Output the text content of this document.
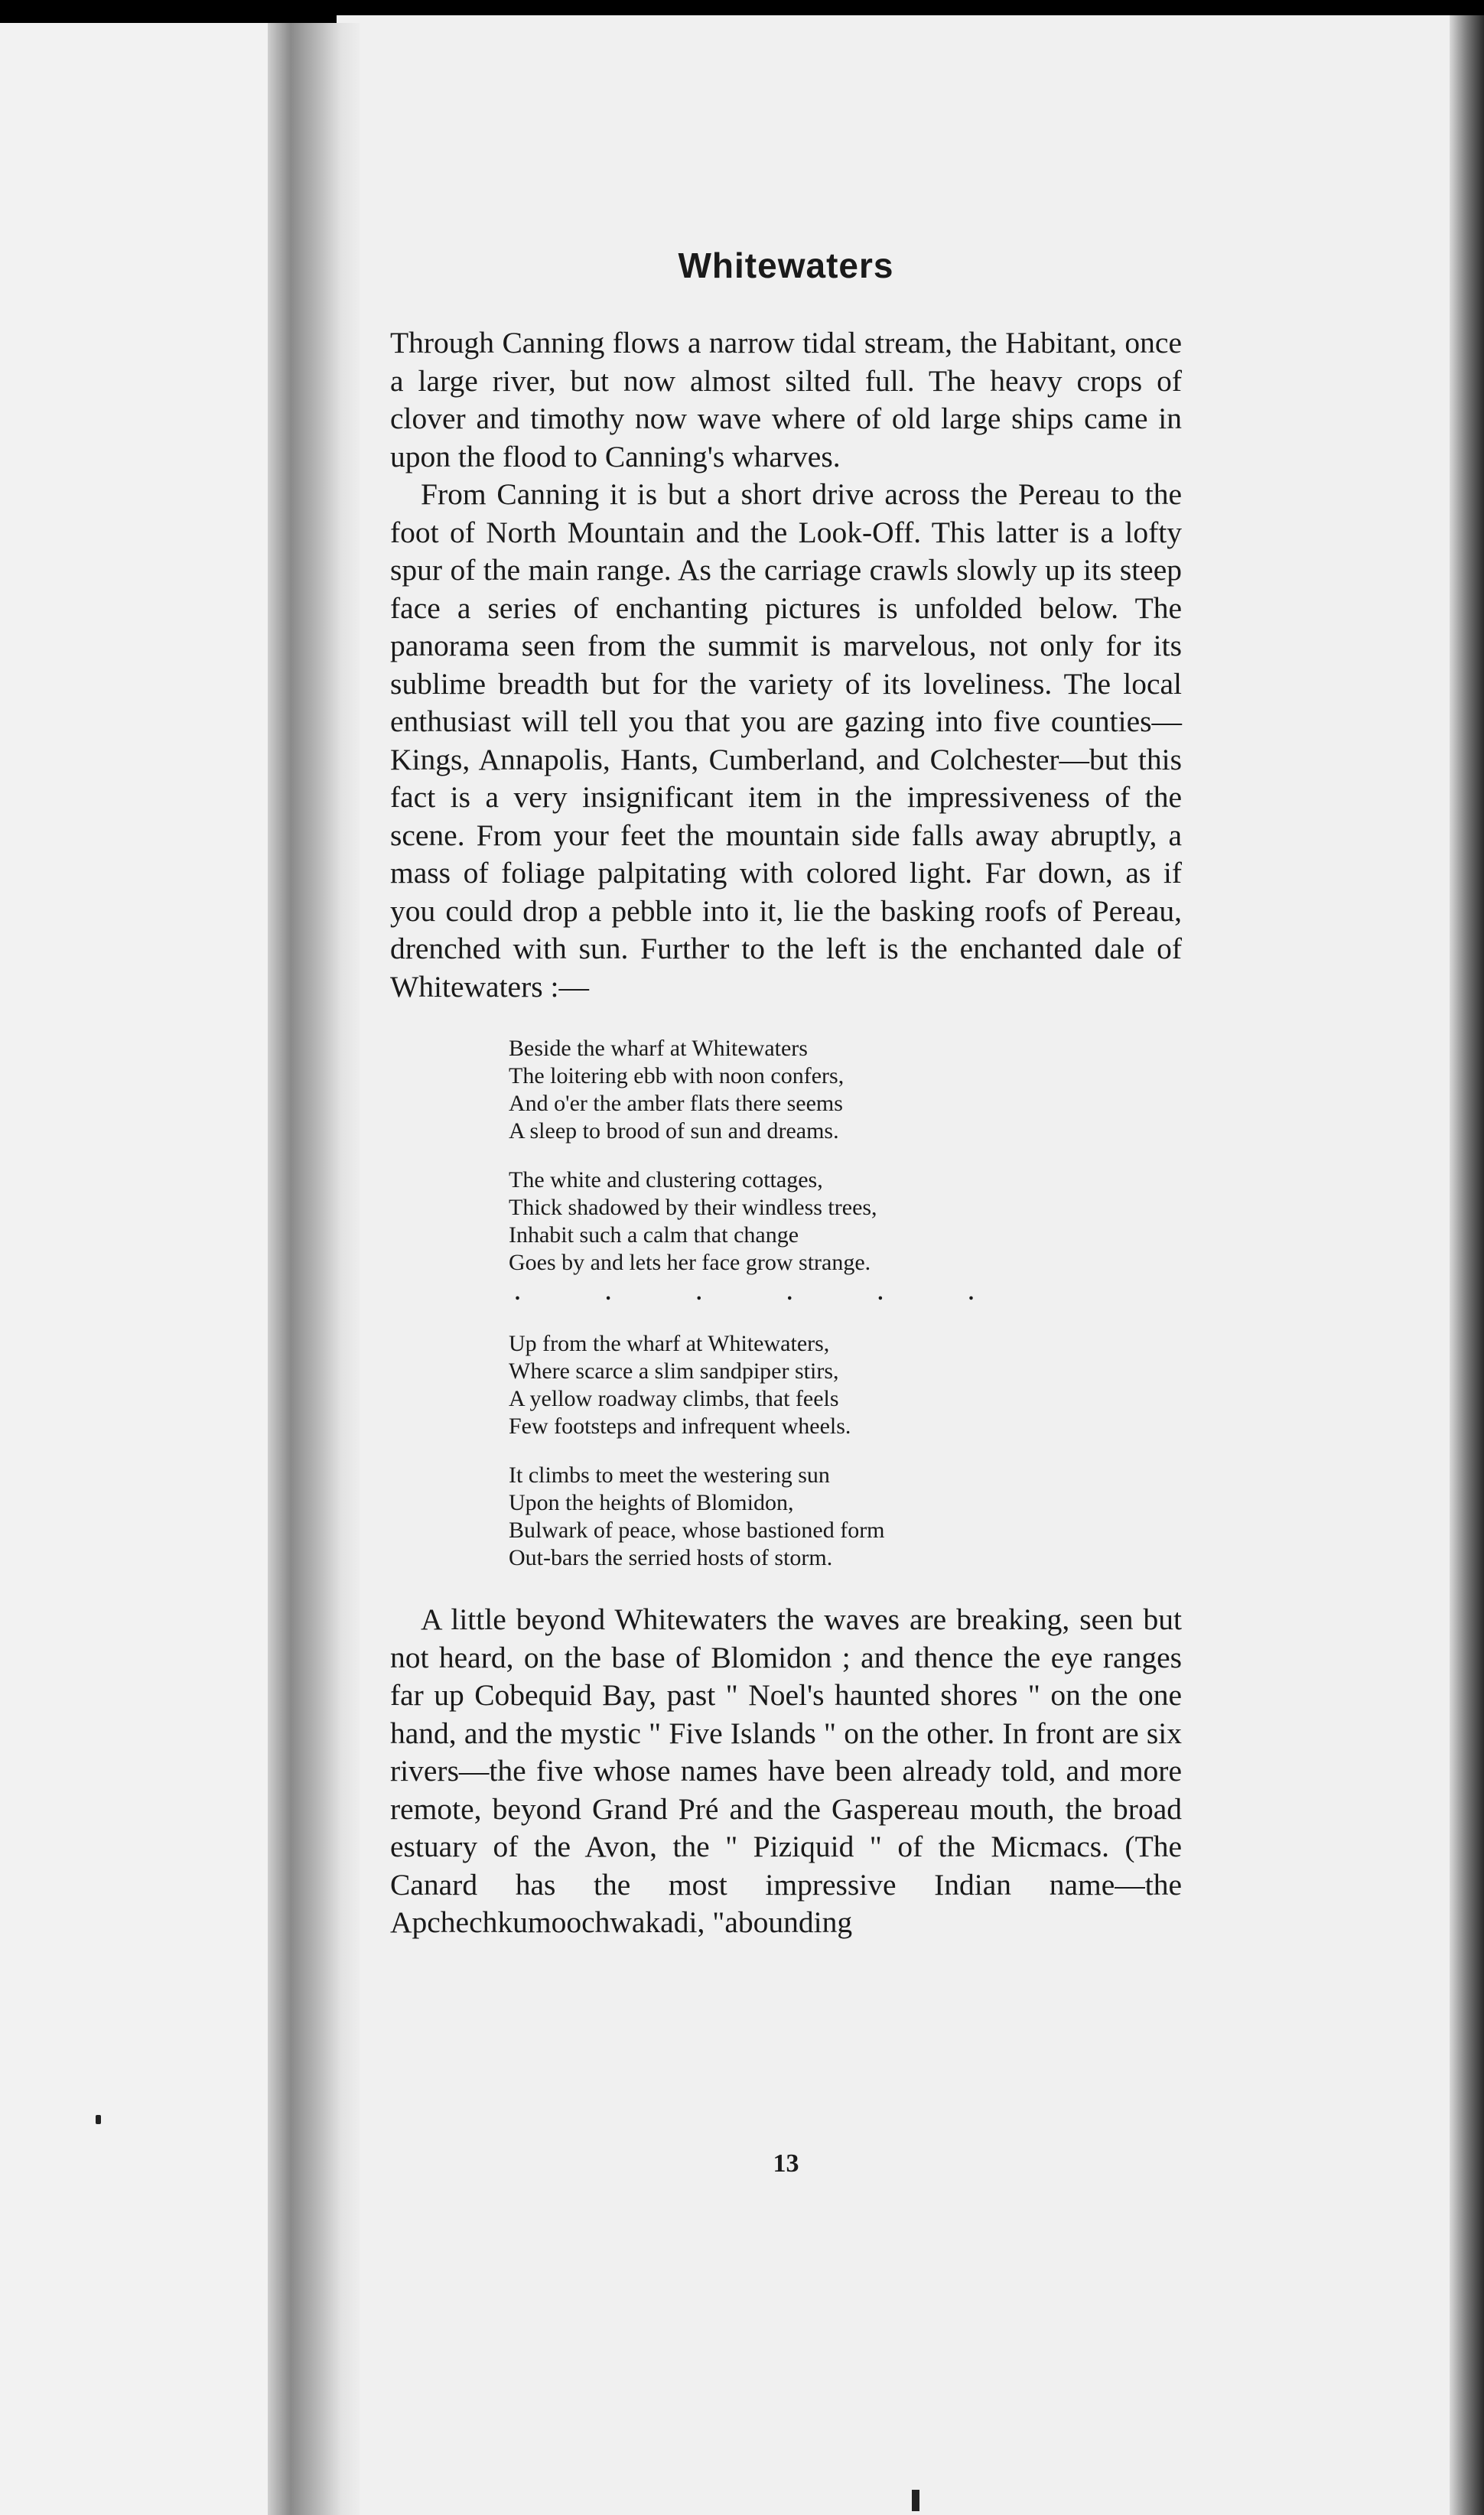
Whitewaters

Through Canning flows a narrow tidal stream, the Habitant, once a large river, but now almost silted full. The heavy crops of clover and timothy now wave where of old large ships came in upon the flood to Canning's wharves.

From Canning it is but a short drive across the Pereau to the foot of North Mountain and the Look-Off. This latter is a lofty spur of the main range. As the carriage crawls slowly up its steep face a series of enchanting pictures is unfolded below. The panorama seen from the summit is marvelous, not only for its sublime breadth but for the variety of its loveliness. The local enthusiast will tell you that you are gazing into five counties—Kings, Annapolis, Hants, Cumberland, and Colchester—but this fact is a very insignificant item in the impressiveness of the scene. From your feet the mountain side falls away abruptly, a mass of foliage palpitating with colored light. Far down, as if you could drop a pebble into it, lie the basking roofs of Pereau, drenched with sun. Further to the left is the enchanted dale of Whitewaters :—

Beside the wharf at Whitewaters
The loitering ebb with noon confers,
And o'er the amber flats there seems
A sleep to brood of sun and dreams.
The white and clustering cottages,
Thick shadowed by their windless trees,
Inhabit such a calm that change
Goes by and lets her face grow strange.
.	.	.	.	.	.
Up from the wharf at Whitewaters,
Where scarce a slim sandpiper stirs,
A yellow roadway climbs, that feels
Few footsteps and infrequent wheels.
It climbs to meet the westering sun
Upon the heights of Blomidon,
Bulwark of peace, whose bastioned form
Out-bars the serried hosts of storm.

A little beyond Whitewaters the waves are breaking, seen but not heard, on the base of Blomidon ; and thence the eye ranges far up Cobequid Bay, past " Noel's haunted shores " on the one hand, and the mystic " Five Islands " on the other. In front are six rivers—the five whose names have been already told, and more remote, beyond Grand Pré and the Gaspereau mouth, the broad estuary of the Avon, the " Piziquid " of the Micmacs. (The Canard has the most impressive Indian name—the Apchechkumoochwakadi, "abounding

13
